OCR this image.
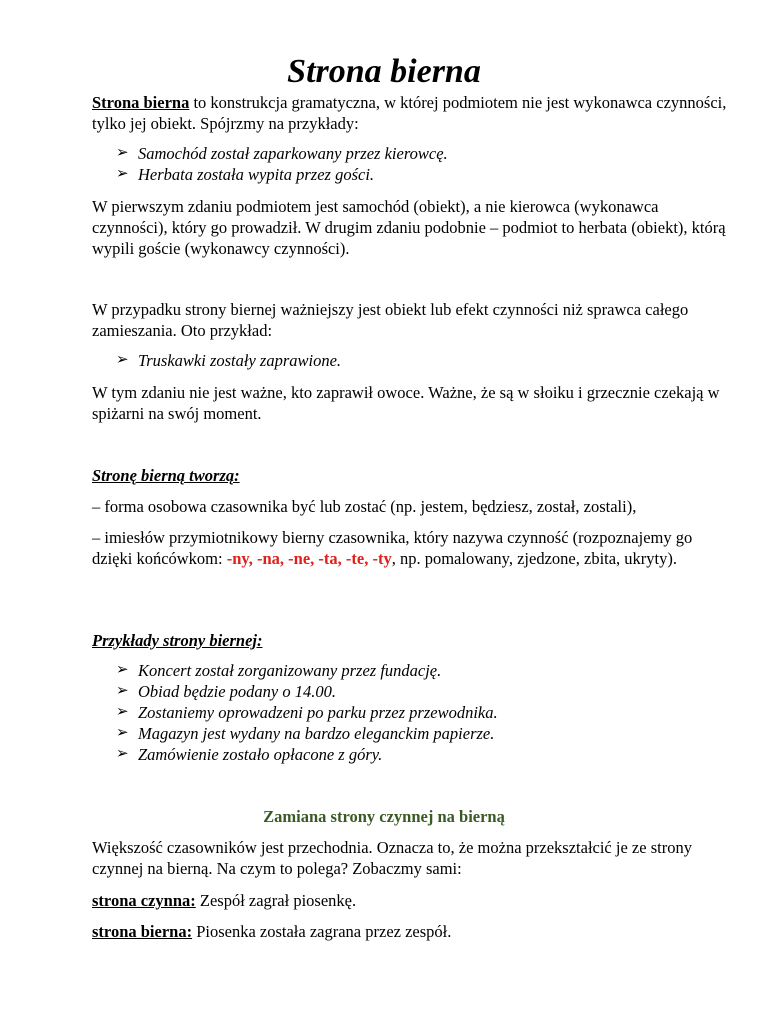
Strona bierna

Strona bierna to konstrukcja gramatyczna, w której podmiotem nie jest wykonawca czynności, tylko jej obiekt. Spójrzmy na przykłady:

➢ Samochód został zaparkowany przez kierowcę.
➢ Herbata została wypita przez gości.

W pierwszym zdaniu podmiotem jest samochód (obiekt), a nie kierowca (wykonawca czynności), który go prowadził. W drugim zdaniu podobnie – podmiot to herbata (obiekt), którą wypili goście (wykonawcy czynności).

W przypadku strony biernej ważniejszy jest obiekt lub efekt czynności niż sprawca całego zamieszania. Oto przykład:

➢ Truskawki zostały zaprawione.

W tym zdaniu nie jest ważne, kto zaprawił owoce. Ważne, że są w słoiku i grzecznie czekają w spiżarni na swój moment.

Stronę bierną tworzą:

– forma osobowa czasownika być lub zostać (np. jestem, będziesz, został, zostali),

– imiesłów przymiotnikowy bierny czasownika, który nazywa czynność (rozpoznajemy go dzięki końcówkom: -ny, -na, -ne, -ta, -te, -ty, np. pomalowany, zjedzone, zbita, ukryty).

Przykłady strony biernej:

➢ Koncert został zorganizowany przez fundację.
➢ Obiad będzie podany o 14.00.
➢ Zostaniemy oprowadzeni po parku przez przewodnika.
➢ Magazyn jest wydany na bardzo eleganckim papierze.
➢ Zamówienie zostało opłacone z góry.
Zamiana strony czynnej na bierną

Większość czasowników jest przechodnia. Oznacza to, że można przekształcić je ze strony czynnej na bierną. Na czym to polega? Zobaczmy sami:

strona czynna: Zespół zagrał piosenkę.

strona bierna: Piosenka została zagrana przez zespół.
